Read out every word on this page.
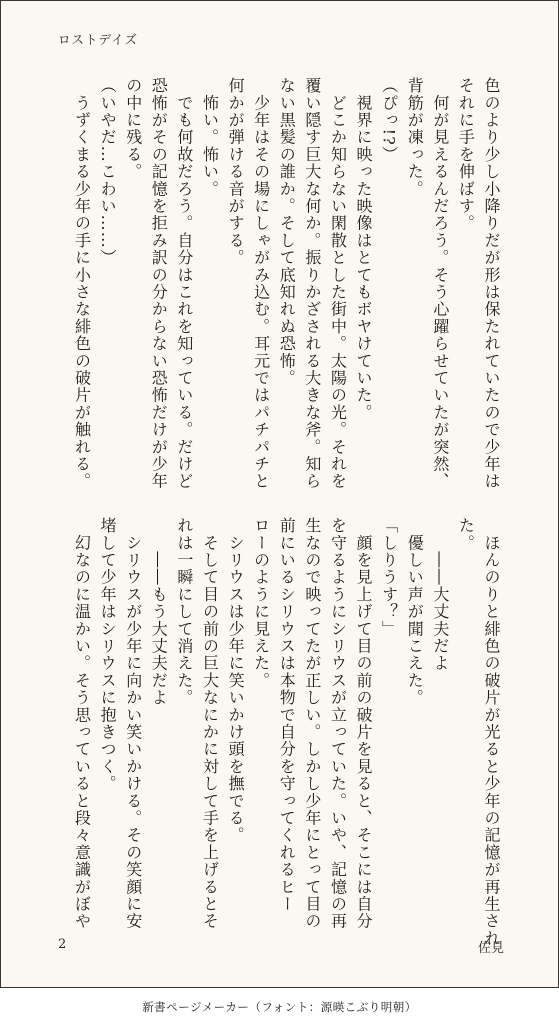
ロストデイズ
色のより少し小降りだが形は保たれていたので少年は
それに手を伸ばす。
　何が見えるんだろう。そう心躍らせていたが突然、
背筋が凍った。
（ぴっ!?）
　視界に映った映像はとてもボヤけていた。
　どこか知らない閑散とした街中。太陽の光。それを
覆い隠す巨大な何か。振りかざされる大きな斧。知ら
ない黒髪の誰か。そして底知れぬ恐怖。
　少年はその場にしゃがみ込む。耳元ではパチパチと
何かが弾ける音がする。
　怖い。怖い。
　でも何故だろう。自分はこれを知っている。だけど
恐怖がその記憶を拒み訳の分からない恐怖だけが少年
の中に残る。
（いやだ…こわい……）
　うずくまる少年の手に小さな緋色の破片が触れる。
　ほんのりと緋色の破片が光ると少年の記憶が再生され
た。
　　――大丈夫だよ
　優しい声が聞こえた。
「しりうす？」
　顔を見上げて目の前の破片を見ると、そこには自分
を守るようにシリウスが立っていた。いや、記憶の再
生なので映ってたが正しい。しかし少年にとって目の
前にいるシリウスは本物で自分を守ってくれるヒー
ローのように見えた。
　シリウスは少年に笑いかけ頭を撫でる。
　そして目の前の巨大なにかに対して手を上げるとそ
れは一瞬にして消えた。
　　――もう大丈夫だよ
　シリウスが少年に向かい笑いかける。その笑顔に安
堵して少年はシリウスに抱きつく。
　幻なのに温かい。そう思っていると段々意識がぼや
2	佐見
新書ページメーカー（フォント：源暎こぶり明朝）
